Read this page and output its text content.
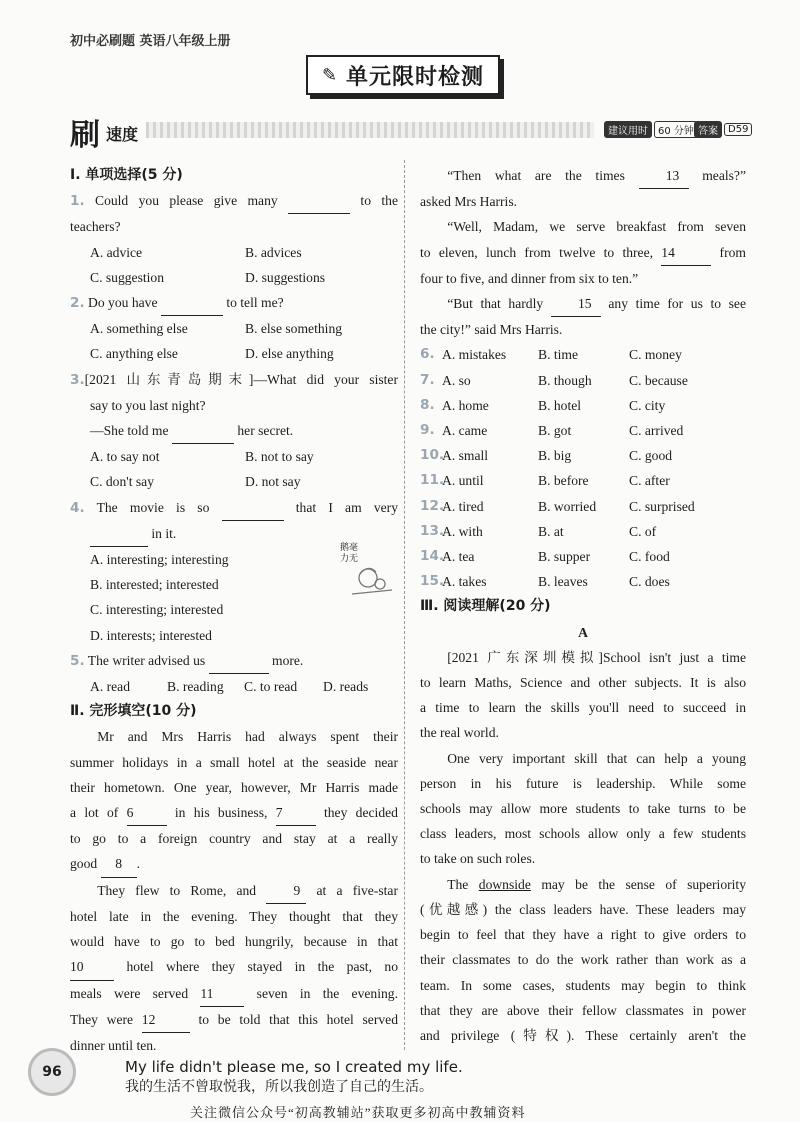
初中必刷题 英语八年级上册
✎ 单元限时检测
刷 速度	建议用时	60 分钟 答案	D59

Ⅰ. 单项选择(5 分)

1. Could you please give many	to the

teachers?

A. advice	B. advices
C. suggestion	D. suggestions

2. Do you have	to tell me?

A. something else	B. else something
C. anything else	D. else anything

3.[2021 山东青岛期末]—What did your sister

say to you last night?

—She told me	her secret.

A. to say not	B. not to say
C. don't say	D. not say

4. The movie is so	that I am very

in it.

A. interesting; interesting

B. interested; interested

C. interesting; interested

D. interests; interested

5. The writer advised us	more.

A. read	B. reading	C. to read	D. reads

Ⅱ. 完形填空(10 分)

Mr and Mrs Harris had always spent their

summer holidays in a small hotel at the seaside near

their hometown. One year, however, Mr Harris made

a lot of 6	in his business, 7	they decided

to go to a foreign country and stay at a really

good 8 .

They flew to Rome, and	9 at a five-star

hotel late in the evening. They thought that they

would have to go to bed hungrily, because in that

10	hotel where they stayed in the past, no

meals were served 11	seven in the evening.

They were 12	to be told that this hotel served

dinner until ten.

鹅毫力无

“Then what are the times	13 meals?”

asked Mrs Harris.

“Well, Madam, we serve breakfast from seven

to eleven, lunch from twelve to three, 14	from

four to five, and dinner from six to ten.”

“But that hardly	15 any time for us to see

the city!” said Mrs Harris.

6. A. mistakes	B. time	C. money
7. A. so	B. though	C. because
8. A. home	B. hotel	C. city
9. A. came	B. got	C. arrived
10.
A. small	B. big	C. good
11.
A. until	B. before	C. after
12.
A. tired	B. worried	C. surprised
13.
A. with	B. at	C. of
14.
A. tea	B. supper	C. food
15.
A. takes	B. leaves	C. does

Ⅲ. 阅读理解(20 分)

A

[2021 广东深圳模拟]School isn't just a time

to learn Maths, Science and other subjects. It is also

a time to learn the skills you'll need to succeed in

the real world.

One very important skill that can help a young

person in his future is leadership. While some

schools may allow more students to take turns to be

class leaders, most schools allow only a few students

to take on such roles.

The downside may be the sense of superiority

(优越感) the class leaders have. These leaders may

begin to feel that they have a right to give orders to

their classmates to do the work rather than work as a

team. In some cases, students may begin to think

that they are above their fellow classmates in power

and privilege (特权). These certainly aren't the

96	My life didn't please me, so I created my life.
我的生活不曾取悦我，所以我创造了自己的生活。
关注微信公众号“初高教辅站”获取更多初高中教辅资料
